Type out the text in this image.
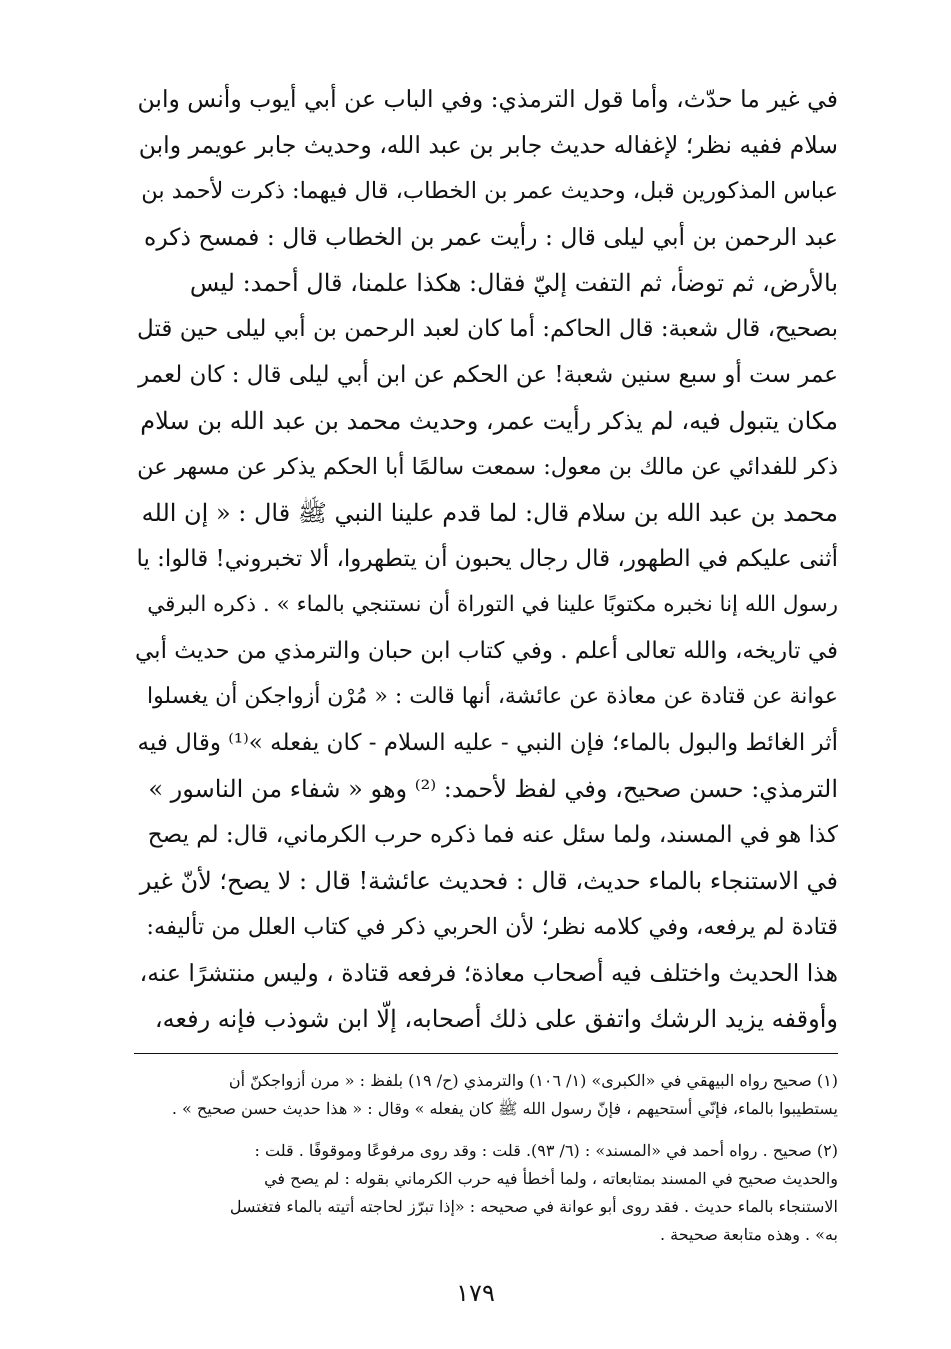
في غير ما حدّث، وأما قول الترمذي: وفي الباب عن أبي أيوب وأنس وابن
سلام ففيه نظر؛ لإغفاله حديث جابر بن عبد الله، وحديث جابر عويمر وابن
عباس المذكورين قبل، وحديث عمر بن الخطاب، قال فيهما: ذكرت لأحمد بن
عبد الرحمن بن أبي ليلى قال : رأيت عمر بن الخطاب قال : فمسح ذكره
بالأرض، ثم توضأ، ثم التفت إليّ فقال: هكذا علمنا، قال أحمد: ليس
بصحيح، قال شعبة: قال الحاكم: أما كان لعبد الرحمن بن أبي ليلى حين قتل
عمر ست أو سبع سنين شعبة! عن الحكم عن ابن أبي ليلى قال : كان لعمر
مكان يتبول فيه، لم يذكر رأيت عمر، وحديث محمد بن عبد الله بن سلام
ذكر للفدائي عن مالك بن معول: سمعت سالمًا أبا الحكم يذكر عن مسهر عن
محمد بن عبد الله بن سلام قال: لما قدم علينا النبي ﷺ قال : « إن الله
أثنى عليكم في الطهور، قال رجال يحبون أن يتطهروا، ألا تخبروني! قالوا: يا
رسول الله إنا نخبره مكتوبًا علينا في التوراة أن نستنجي بالماء » . ذكره البرقي
في تاريخه، والله تعالى أعلم . وفي كتاب ابن حبان والترمذي من حديث أبي
عوانة عن قتادة عن معاذة عن عائشة، أنها قالت : « مُرْن أزواجكن أن يغسلوا
أثر الغائط والبول بالماء؛ فإن النبي - عليه السلام - كان يفعله »⁽¹⁾ وقال فيه
الترمذي: حسن صحيح، وفي لفظ لأحمد: ⁽²⁾ وهو « شفاء من الناسور »
كذا هو في المسند، ولما سئل عنه فما ذكره حرب الكرماني، قال: لم يصح
في الاستنجاء بالماء حديث، قال : فحديث عائشة! قال : لا يصح؛ لأنّ غير
قتادة لم يرفعه، وفي كلامه نظر؛ لأن الحربي ذكر في كتاب العلل من تأليفه:
هذا الحديث واختلف فيه أصحاب معاذة؛ فرفعه قتادة ، وليس منتشرًا عنه،
وأوقفه يزيد الرشك واتفق على ذلك أصحابه، إلّا ابن شوذب فإنه رفعه،
(١) صحيح رواه البيهقي في «الكبرى» (١/ ١٠٦) والترمذي (ح/ ١٩) بلفظ : « مرن أزواجكنّ أن
يستطيبوا بالماء، فإنّي أستحيهم ، فإنّ رسول الله ﷺ كان يفعله » وقال : « هذا حديث حسن صحيح » .
(٢) صحيح . رواه أحمد في «المسند» : (٦/ ٩٣). قلت : وقد روى مرفوعًا وموقوفًا . قلت :
والحديث صحيح في المسند بمتابعاته ، ولما أخطأ فيه حرب الكرماني بقوله : لم يصح في
الاستنجاء بالماء حديث . فقد روى أبو عوانة في صحيحه : «إذا تبرّز لحاجته أتيته بالماء فتغتسل
به» . وهذه متابعة صحيحة .
١٧٩
